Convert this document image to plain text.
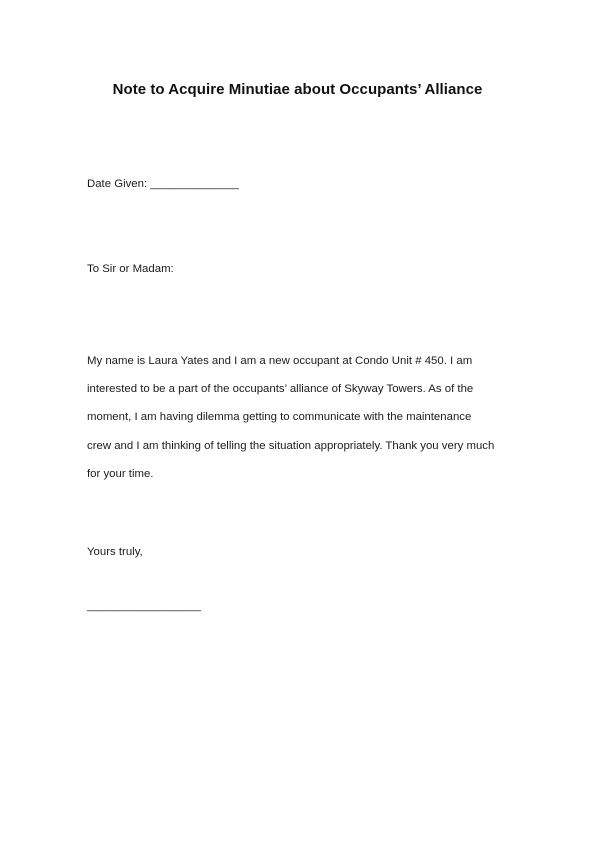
Note to Acquire Minutiae about Occupants’ Alliance
Date Given: ______________
To Sir or Madam:
My name is Laura Yates and I am a new occupant at Condo Unit # 450. I am
interested to be a part of the occupants’ alliance of Skyway Towers. As of the
moment, I am having dilemma getting to communicate with the maintenance
crew and I am thinking of telling the situation appropriately. Thank you very much
for your time.
Yours truly,
__________________
